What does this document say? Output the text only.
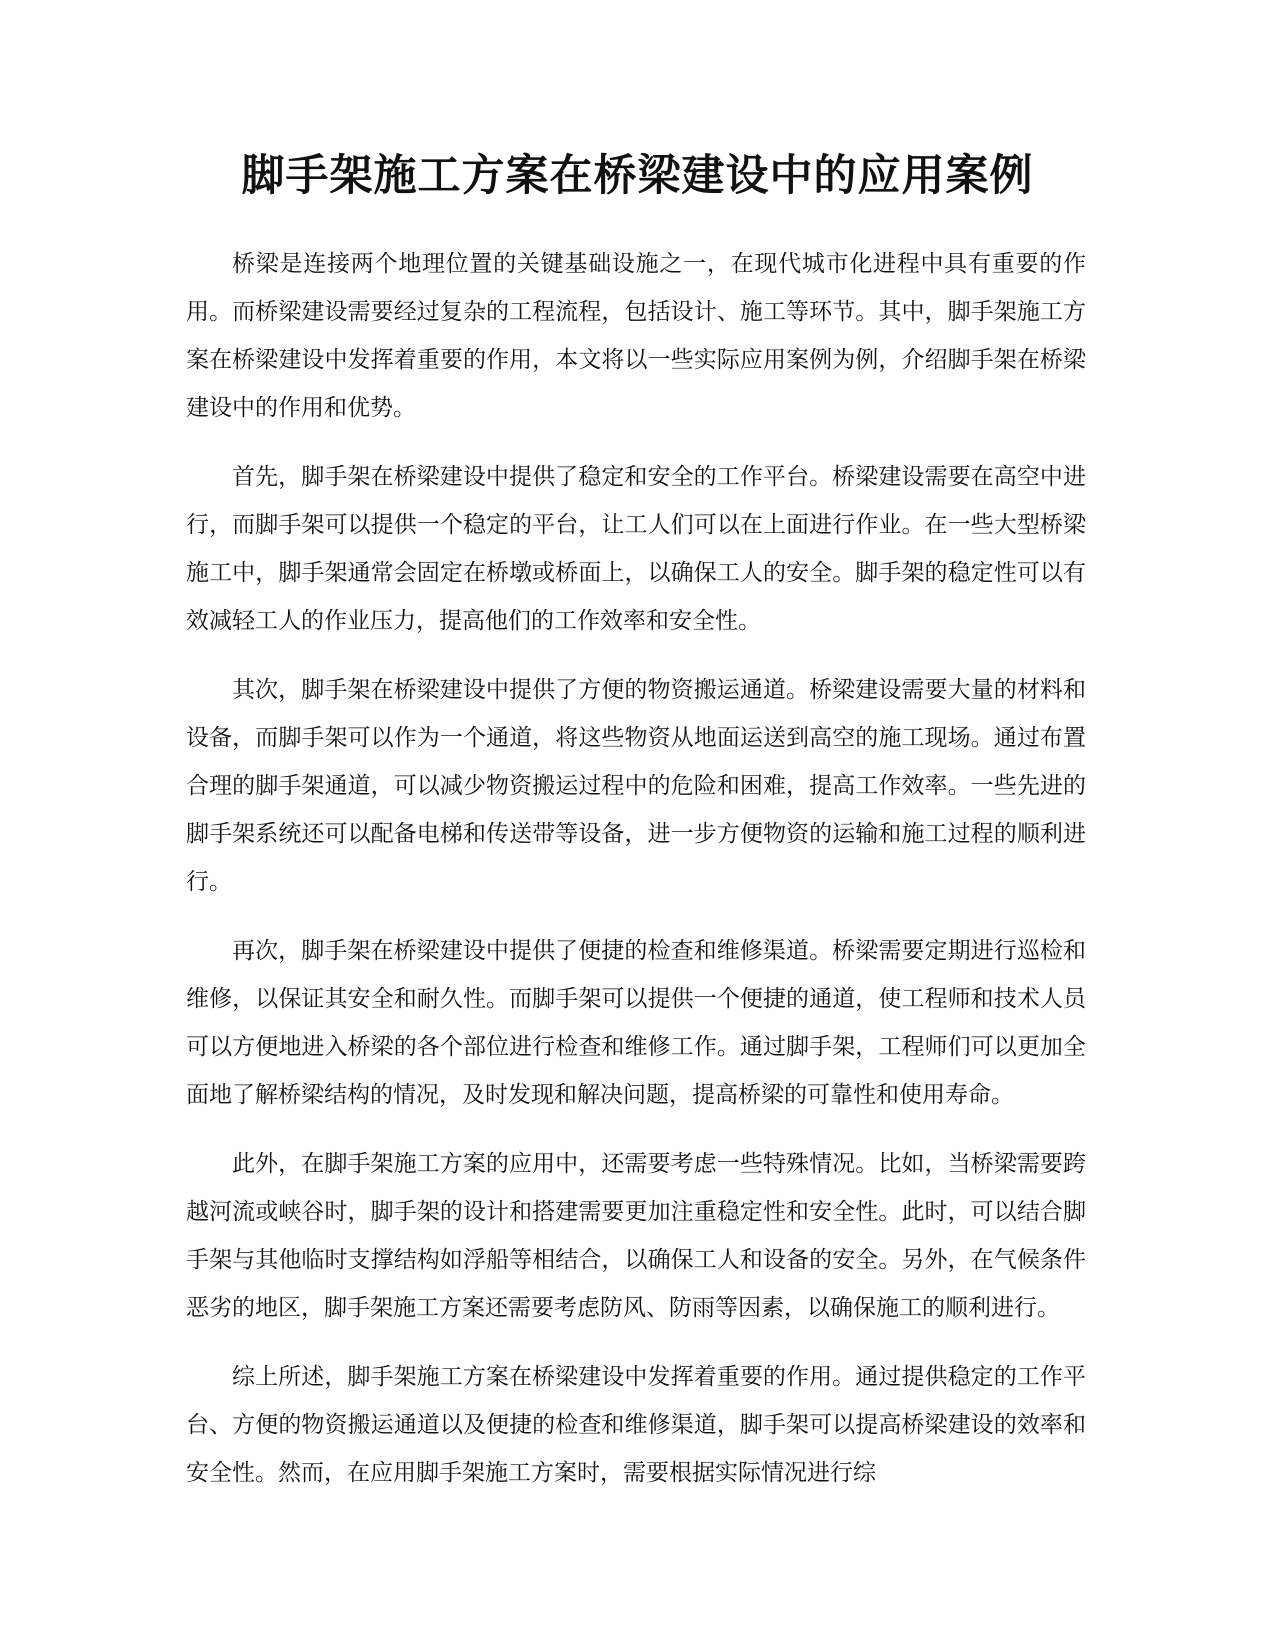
脚手架施工方案在桥梁建设中的应用案例

桥梁是连接两个地理位置的关键基础设施之一，在现代城市化进程中具有重要的作用。而桥梁建设需要经过复杂的工程流程，包括设计、施工等环节。其中，脚手架施工方案在桥梁建设中发挥着重要的作用，本文将以一些实际应用案例为例，介绍脚手架在桥梁建设中的作用和优势。

首先，脚手架在桥梁建设中提供了稳定和安全的工作平台。桥梁建设需要在高空中进行，而脚手架可以提供一个稳定的平台，让工人们可以在上面进行作业。在一些大型桥梁施工中，脚手架通常会固定在桥墩或桥面上，以确保工人的安全。脚手架的稳定性可以有效减轻工人的作业压力，提高他们的工作效率和安全性。

其次，脚手架在桥梁建设中提供了方便的物资搬运通道。桥梁建设需要大量的材料和设备，而脚手架可以作为一个通道，将这些物资从地面运送到高空的施工现场。通过布置合理的脚手架通道，可以减少物资搬运过程中的危险和困难，提高工作效率。一些先进的脚手架系统还可以配备电梯和传送带等设备，进一步方便物资的运输和施工过程的顺利进行。

再次，脚手架在桥梁建设中提供了便捷的检查和维修渠道。桥梁需要定期进行巡检和维修，以保证其安全和耐久性。而脚手架可以提供一个便捷的通道，使工程师和技术人员可以方便地进入桥梁的各个部位进行检查和维修工作。通过脚手架，工程师们可以更加全面地了解桥梁结构的情况，及时发现和解决问题，提高桥梁的可靠性和使用寿命。

此外，在脚手架施工方案的应用中，还需要考虑一些特殊情况。比如，当桥梁需要跨越河流或峡谷时，脚手架的设计和搭建需要更加注重稳定性和安全性。此时，可以结合脚手架与其他临时支撑结构如浮船等相结合，以确保工人和设备的安全。另外，在气候条件恶劣的地区，脚手架施工方案还需要考虑防风、防雨等因素，以确保施工的顺利进行。

综上所述，脚手架施工方案在桥梁建设中发挥着重要的作用。通过提供稳定的工作平台、方便的物资搬运通道以及便捷的检查和维修渠道，脚手架可以提高桥梁建设的效率和安全性。然而，在应用脚手架施工方案时，需要根据实际情况进行综
